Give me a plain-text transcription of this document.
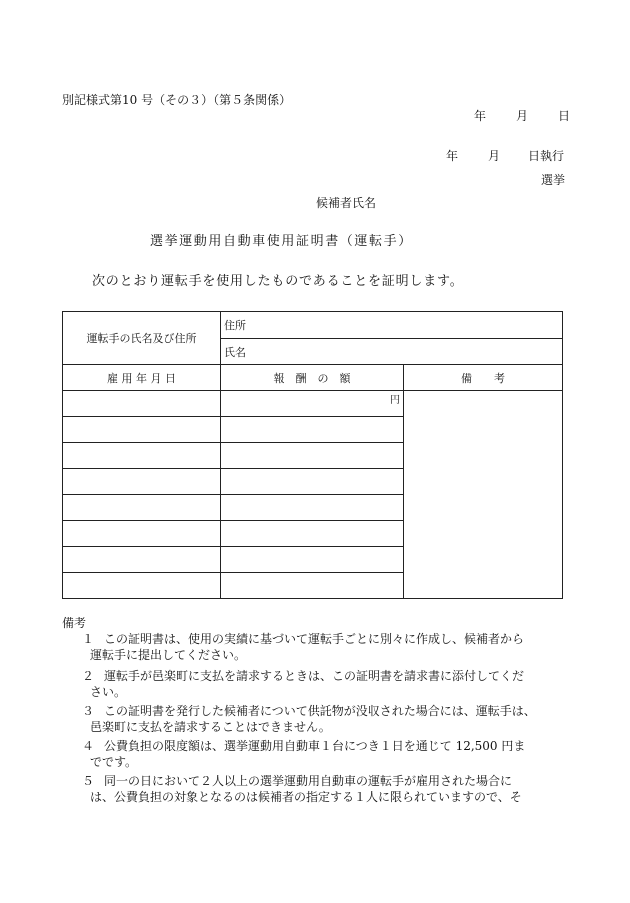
別記様式第10 号（その３）（第５条関係）
年	月	日
年	月 日執行
選挙
候補者氏名
選挙運動用自動車使用証明書（運転手）
次のとおり運転手を使用したものであることを証明します。
運転手の氏名及び住所	住所	
	氏名	
雇 用 年 月 日	報　酬　の　額	備　　考
	円	

備考
１ この証明書は、使用の実績に基づいて運転手ごとに別々に作成し、候補者から
運転手に提出してください。
２ 運転手が邑楽町に支払を請求するときは、この証明書を請求書に添付してくだ
さい。
３ この証明書を発行した候補者について供託物が没収された場合には、運転手は、
邑楽町に支払を請求することはできません。
４ 公費負担の限度額は、選挙運動用自動車１台につき１日を通じて 12,500 円ま
でです。
５ 同一の日において２人以上の選挙運動用自動車の運転手が雇用された場合に
は、公費負担の対象となるのは候補者の指定する１人に限られていますので、そ
